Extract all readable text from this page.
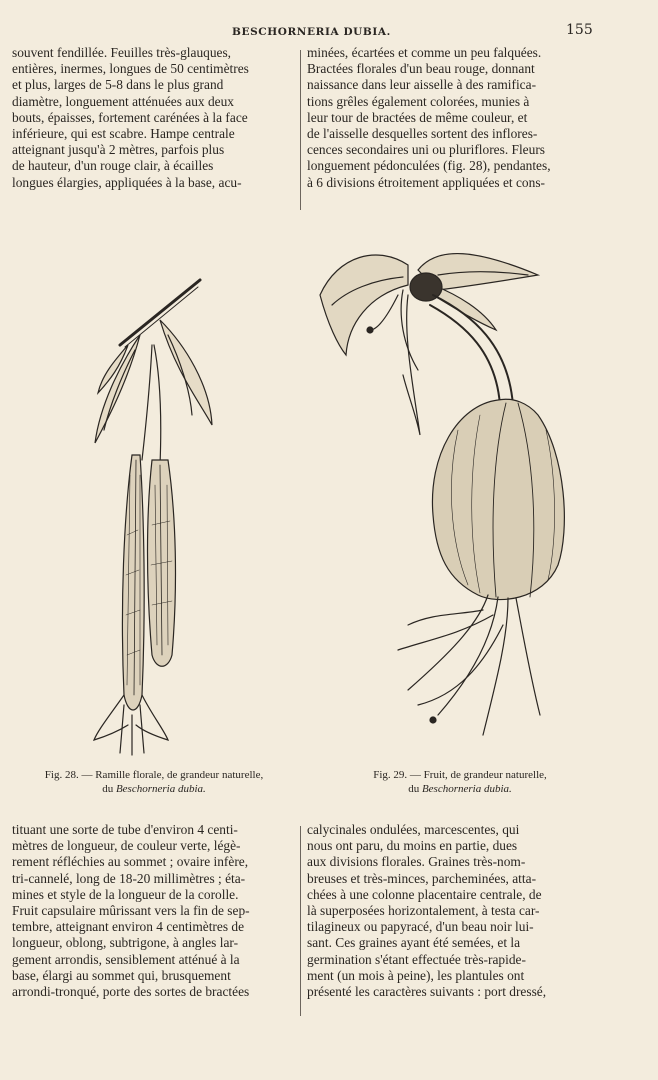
BESCHORNERIA DUBIA.	155
souvent fendillée. Feuilles très-glauques,
entières, inermes, longues de 50 centimètres
et plus, larges de 5-8 dans le plus grand
diamètre, longuement atténuées aux deux
bouts, épaisses, fortement carénées à la face
inférieure, qui est scabre. Hampe centrale
atteignant jusqu'à 2 mètres, parfois plus
de hauteur, d'un rouge clair, à écailles
longues élargies, appliquées à la base, acu-
minées, écartées et comme un peu falquées.
Bractées florales d'un beau rouge, donnant
naissance dans leur aisselle à des ramifica-
tions grêles également colorées, munies à
leur tour de bractées de même couleur, et
de l'aisselle desquelles sortent des inflores-
cences secondaires uni ou pluriflores. Fleurs
longuement pédonculées (fig. 28), pendantes,
à 6 divisions étroitement appliquées et cons-
Fig. 28. — Ramille florale, de grandeur naturelle,
du Beschorneria dubia.
Fig. 29. — Fruit, de grandeur naturelle,
du Beschorneria dubia.
tituant une sorte de tube d'environ 4 centi-
mètres de longueur, de couleur verte, légè-
rement réfléchies au sommet ; ovaire infère,
tri-cannelé, long de 18-20 millimètres ; éta-
mines et style de la longueur de la corolle.
Fruit capsulaire mûrissant vers la fin de sep-
tembre, atteignant environ 4 centimètres de
longueur, oblong, subtrigone, à angles lar-
gement arrondis, sensiblement atténué à la
base, élargi au sommet qui, brusquement
arrondi-tronqué, porte des sortes de bractées
calycinales ondulées, marcescentes, qui
nous ont paru, du moins en partie, dues
aux divisions florales. Graines très-nom-
breuses et très-minces, parcheminées, atta-
chées à une colonne placentaire centrale, de
là superposées horizontalement, à testa car-
tilagineux ou papyracé, d'un beau noir lui-
sant. Ces graines ayant été semées, et la
germination s'étant effectuée très-rapide-
ment (un mois à peine), les plantules ont
présenté les caractères suivants : port dressé,
